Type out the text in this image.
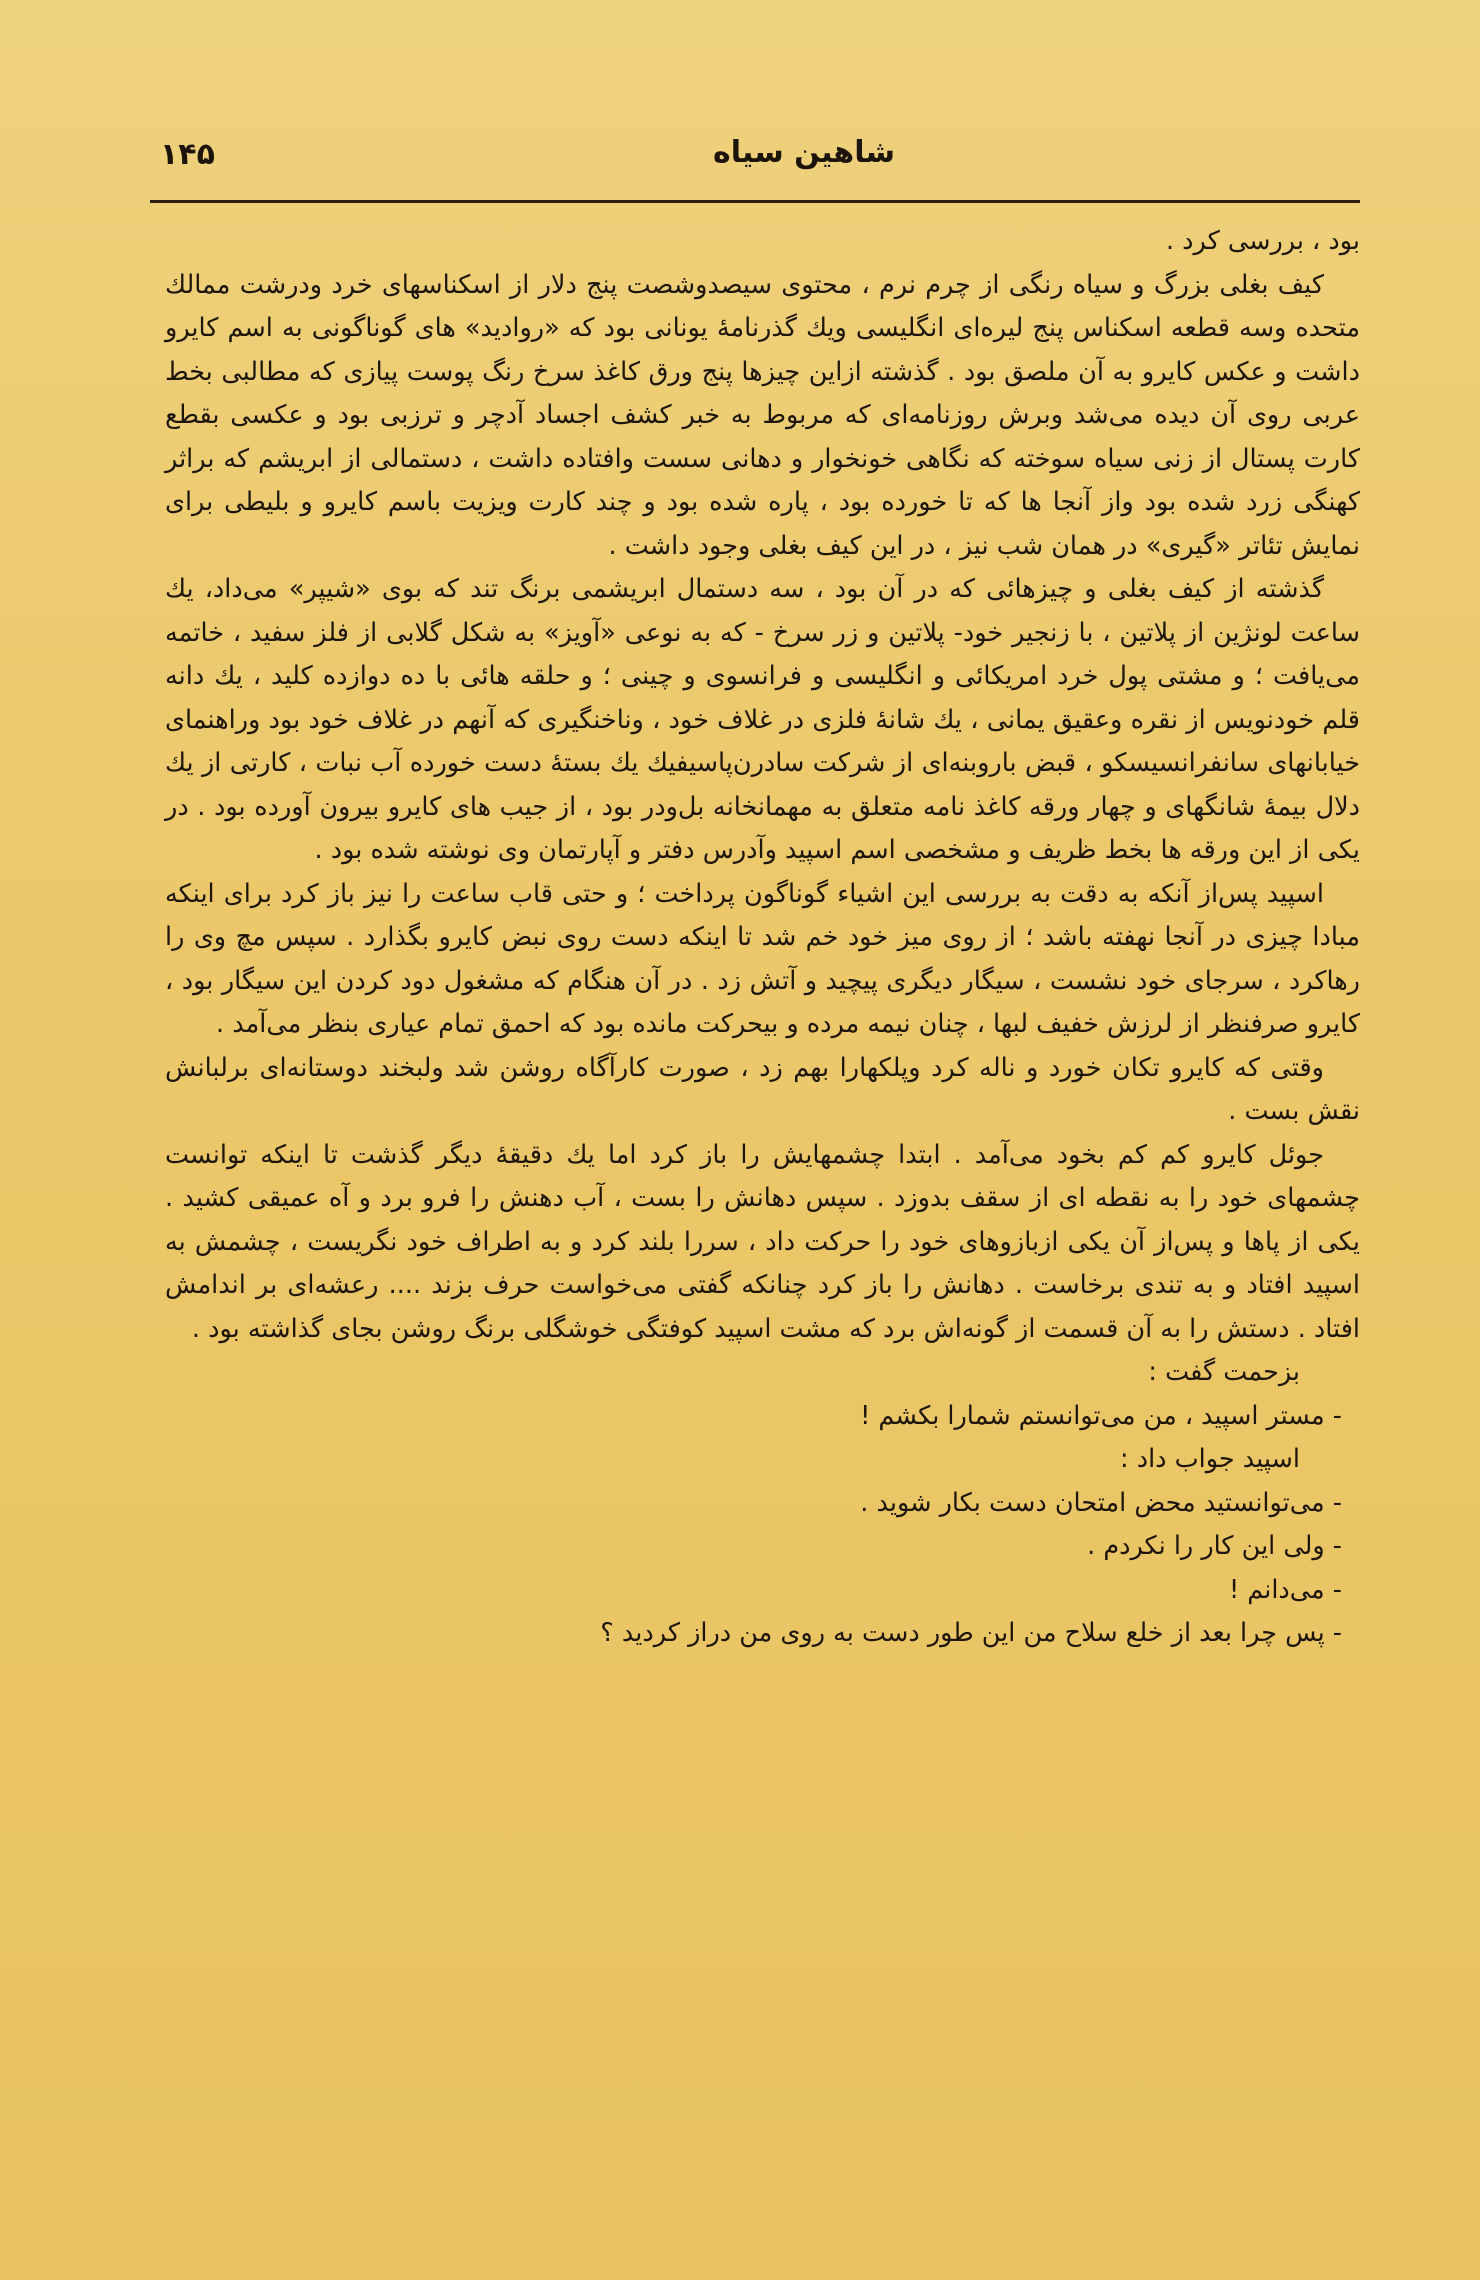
شاهین سیاه
۱۴۵

بود ، بررسی کرد .

کیف بغلی بزرگ و سیاه رنگی از چرم نرم ، محتوی سیصدوشصت پنج دلار از اسکناسهای خرد ودرشت ممالك متحده وسه قطعه اسکناس پنج لیره‌ای انگلیسی ویك گذرنامهٔ یونانی بود که «روادید» های گوناگونی به اسم کایرو داشت و عکس کایرو به آن ملصق بود . گذشته ازاین چیزها پنج ورق کاغذ سرخ رنگ پوست پیازی که مطالبی بخط عربی روی آن دیده می‌شد وبرش روزنامه‌ای که مربوط به خبر کشف اجساد آدچر و ترزبی بود و عکسی بقطع کارت پستال از زنی سیاه سوخته که نگاهی خونخوار و دهانی سست وافتاده داشت ، دستمالی از ابریشم که براثر کهنگی زرد شده بود واز آنجا ها که تا خورده بود ، پاره شده بود و چند کارت ویزیت باسم کایرو و بلیطی برای نمایش تئاتر «گیری» در همان شب نیز ، در این کیف بغلی وجود داشت .

گذشته از کیف بغلی و چیزهائی که در آن بود ، سه دستمال ابریشمی برنگ تند که بوی «شیپر» می‌داد، یك ساعت لونژین از پلاتین ، با زنجیر خود- پلاتین و زر سرخ - که به نوعی «آویز» به شکل گلابی از فلز سفید ، خاتمه می‌یافت ؛ و مشتی پول خرد امریکائی و انگلیسی و فرانسوی و چینی ؛ و حلقه هائی با ده دوازده کلید ، یك دانه قلم خودنویس از نقره وعقیق یمانی ، یك شانهٔ فلزی در غلاف خود ، وناخنگیری که آنهم در غلاف خود بود وراهنمای خیابانهای سانفرانسیسکو ، قبض باروبنه‌ای از شرکت سادرن‌پاسیفیك یك بستهٔ دست خورده آب نبات ، کارتی از یك دلال بیمهٔ شانگهای و چهار ورقه کاغذ نامه متعلق به مهمانخانه بل‌ودر بود ، از جیب های کایرو بیرون آورده بود . در یکی از این ورقه ها بخط ظریف و مشخصی اسم اسپید وآدرس دفتر و آپارتمان وی نوشته شده بود .

اسپید پس‌از آنکه به دقت به بررسی این اشیاء گوناگون پرداخت ؛ و حتی قاب ساعت را نیز باز کرد برای اینکه مبادا چیزی در آنجا نهفته باشد ؛ از روی میز خود خم شد تا اینکه دست روی نبض کایرو بگذارد . سپس مچ وی را رهاکرد ، سرجای خود نشست ، سیگار دیگری پیچید و آتش زد . در آن هنگام که مشغول دود کردن این سیگار بود ، کایرو صرفنظر از لرزش خفیف لبها ، چنان نیمه مرده و بیحرکت مانده بود که احمق تمام عیاری بنظر می‌آمد .

وقتی که کایرو تکان خورد و ناله کرد وپلکهارا بهم زد ، صورت کارآگاه روشن شد ولبخند دوستانه‌ای برلبانش نقش بست .

جوئل کایرو کم کم بخود می‌آمد . ابتدا چشمهایش را باز کرد اما یك دقیقهٔ دیگر گذشت تا اینکه توانست چشمهای خود را به نقطه ای از سقف بدوزد . سپس دهانش را بست ، آب دهنش را فرو برد و آه عمیقی کشید . یکی از پاها و پس‌از آن یکی ازبازوهای خود را حرکت داد ، سررا بلند کرد و به اطراف خود نگریست ، چشمش به اسپید افتاد و به تندی برخاست . دهانش را باز کرد چنانکه گفتی می‌خواست حرف بزند .... رعشه‌ای بر اندامش افتاد . دستش را به آن قسمت از گونه‌اش برد که مشت اسپید کوفتگی خوشگلی برنگ روشن بجای گذاشته بود .

بزحمت گفت :

- مستر اسپید ، من می‌توانستم شمارا بکشم !

اسپید جواب داد :

- می‌توانستید محض امتحان دست بکار شوید .

- ولی این کار را نکردم .

- می‌دانم !

- پس چرا بعد از خلع سلاح من این طور دست به روی من دراز کردید ؟
